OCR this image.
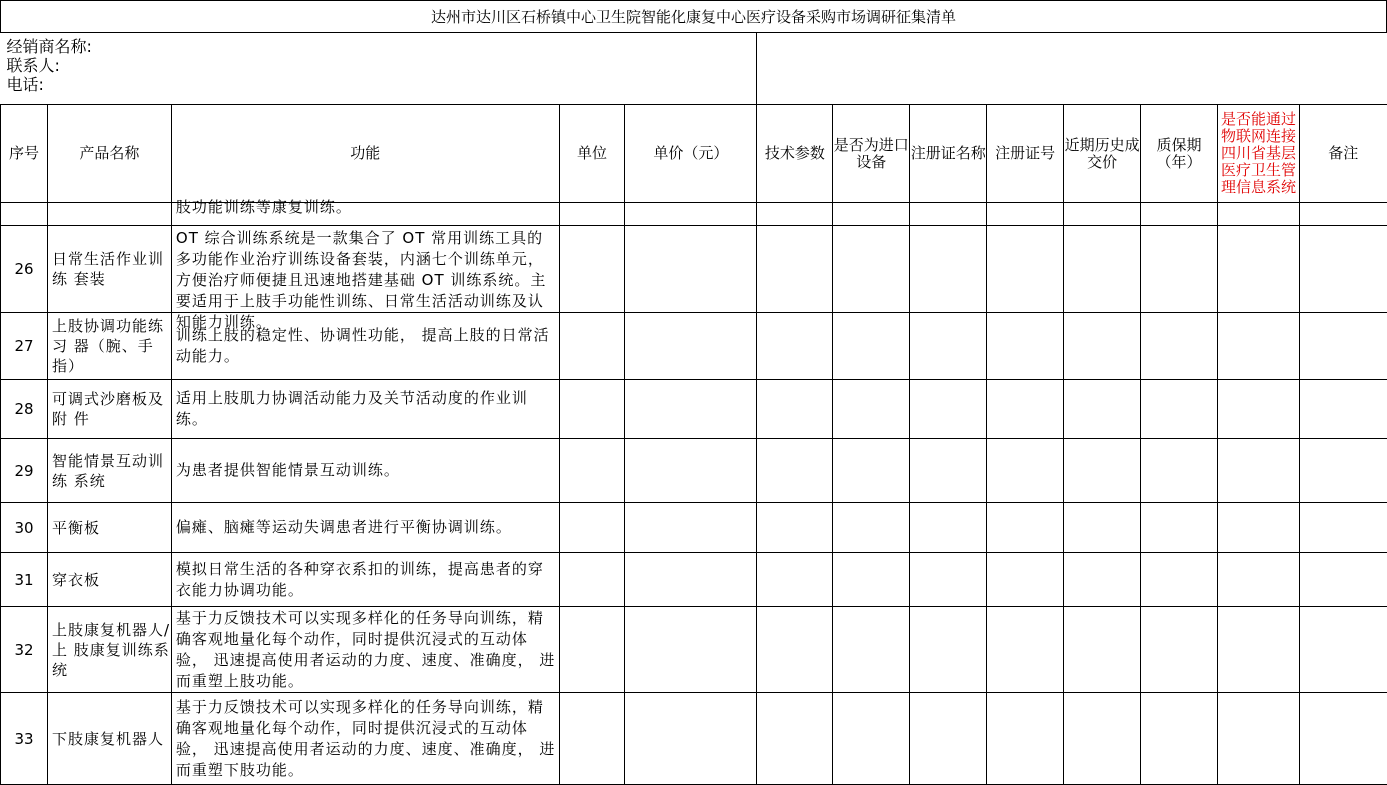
达州市达川区石桥镇中心卫生院智能化康复中心医疗设备采购市场调研征集清单												

经销商名称:
联系人:
电话:												

序号	产品名称	功能	单位	单价（元）	技术参数	是否为进口设备	注册证名称	注册证号	近期历史成交价	质保期（年）	是否能通过物联网连接四川省基层医疗卫生管理信息系统	备注
		肢功能训练等康复训练。										
26	日常生活作业训练 套装	OT 综合训练系统是一款集合了 OT 常用训练工具的 多功能作业治疗训练设备套装，内涵七个训练单元， 方便治疗师便捷且迅速地搭建基础 OT 训练系统。主 要适用于上肢手功能性训练、日常生活活动训练及认 知能力训练。										

27	上肢协调功能练习 器（腕、手指）	训练上肢的稳定性、协调性功能， 提高上肢的日常活动能力。										
28	可调式沙磨板及附 件	适用上肢肌力协调活动能力及关节活动度的作业训练。										
29	智能情景互动训练 系统	为患者提供智能情景互动训练。										
30	平衡板	偏瘫、脑瘫等运动失调患者进行平衡协调训练。										
31	穿衣板	模拟日常生活的各种穿衣系扣的训练，提高患者的穿衣能力协调功能。										
32	上肢康复机器人/上 肢康复训练系统	基于力反馈技术可以实现多样化的任务导向训练，精确客观地量化每个动作，同时提供沉浸式的互动体验， 迅速提高使用者运动的力度、速度、准确度， 进而重塑上肢功能。										
33	下肢康复机器人	基于力反馈技术可以实现多样化的任务导向训练，精确客观地量化每个动作，同时提供沉浸式的互动体验， 迅速提高使用者运动的力度、速度、准确度， 进而重塑下肢功能。										
